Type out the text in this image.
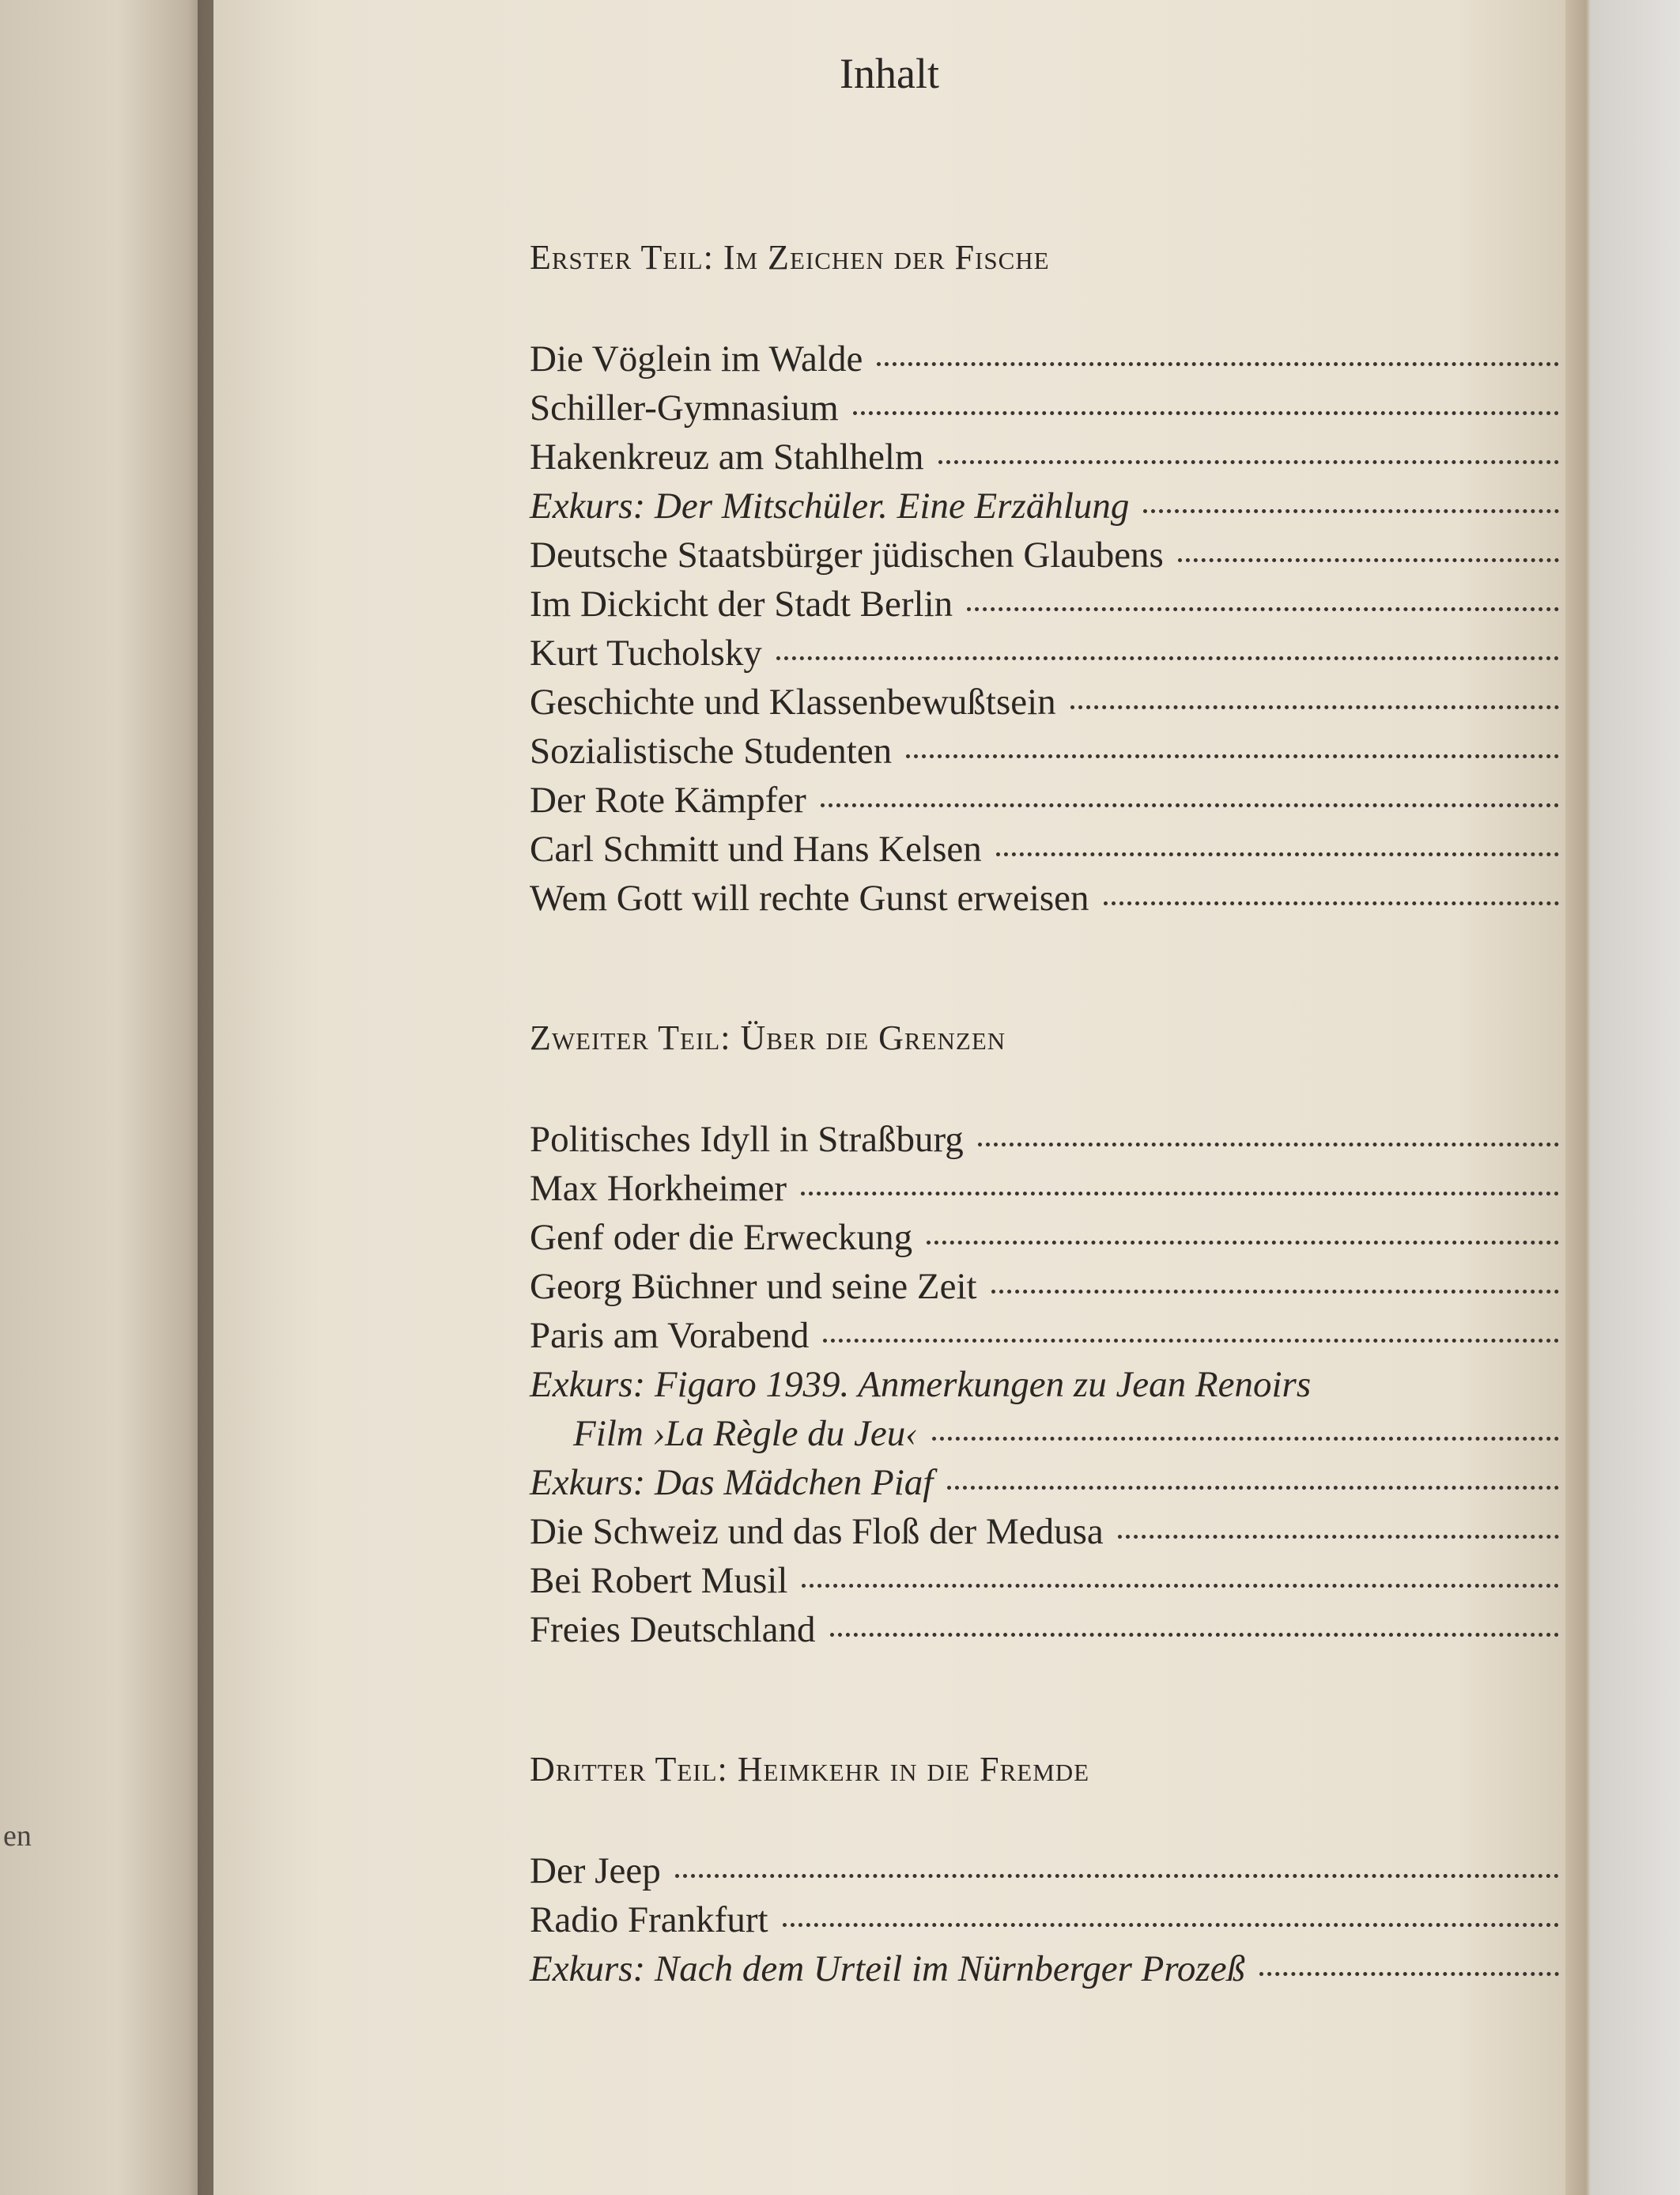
en
Inhalt
Erster Teil: Im Zeichen der Fische
Die Vöglein im Walde
Schiller-Gymnasium
Hakenkreuz am Stahlhelm
Exkurs: Der Mitschüler. Eine Erzählung
Deutsche Staatsbürger jüdischen Glaubens
Im Dickicht der Stadt Berlin
Kurt Tucholsky
Geschichte und Klassenbewußtsein
Sozialistische Studenten
Der Rote Kämpfer
Carl Schmitt und Hans Kelsen
Wem Gott will rechte Gunst erweisen
Zweiter Teil: Über die Grenzen
Politisches Idyll in Straßburg
Max Horkheimer
Genf oder die Erweckung
Georg Büchner und seine Zeit
Paris am Vorabend
Exkurs: Figaro 1939. Anmerkungen zu Jean Renoirs
Film ›La Règle du Jeu‹
Exkurs: Das Mädchen Piaf
Die Schweiz und das Floß der Medusa
Bei Robert Musil
Freies Deutschland
Dritter Teil: Heimkehr in die Fremde
Der Jeep
Radio Frankfurt
Exkurs: Nach dem Urteil im Nürnberger Prozeß
